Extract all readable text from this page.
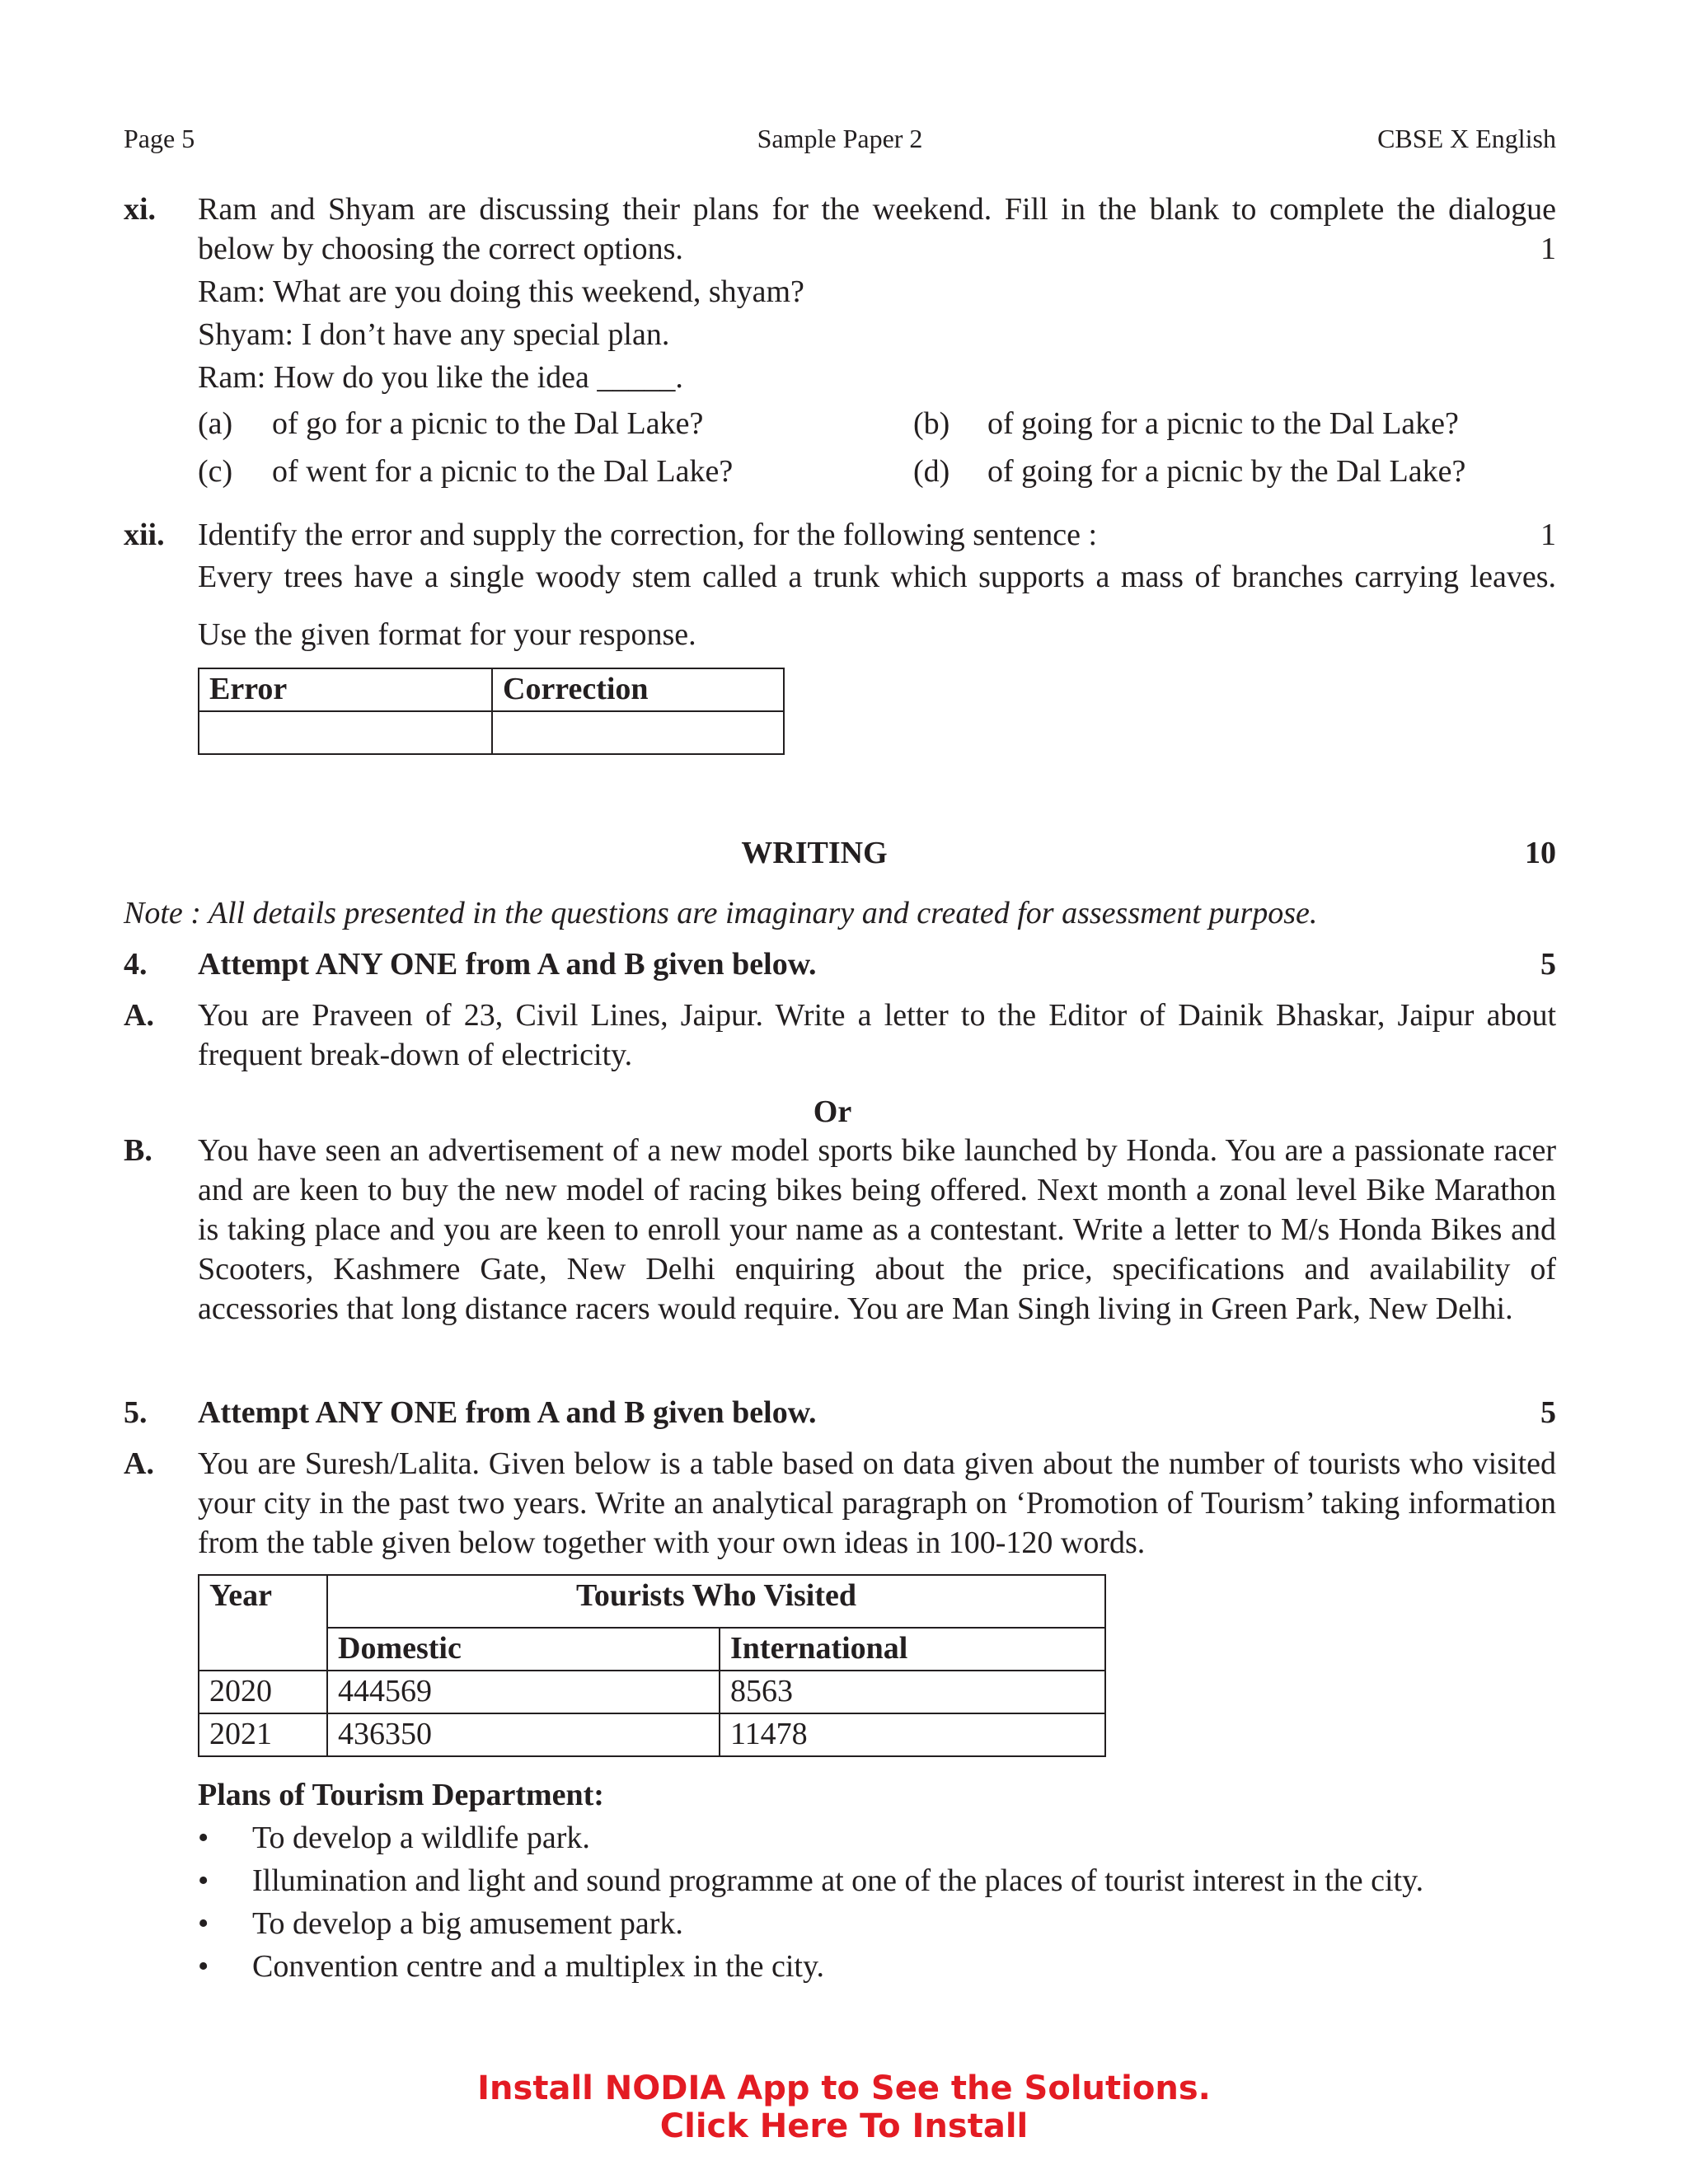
Page 5	Sample Paper 2	CBSE X English
xi. Ram and Shyam are discussing their plans for the weekend. Fill in the blank to complete the dialogue
below by choosing the correct options.	1
Ram: What are you doing this weekend, shyam?
Shyam: I don’t have any special plan.
Ram: How do you like the idea _____.
(a) of go for a picnic to the Dal Lake?	(b) of going for a picnic to the Dal Lake?
(c) of went for a picnic to the Dal Lake?	(d) of going for a picnic by the Dal Lake?
xii. Identify the error and supply the correction, for the following sentence :	1
Every trees have a single woody stem called a trunk which supports a mass of branches carrying leaves.
Use the given format for your response.
Error	Correction

WRITING	10
Note : All details presented in the questions are imaginary and created for assessment purpose.
4. Attempt ANY ONE from A and B given below.	5
A. You are Praveen of 23, Civil Lines, Jaipur. Write a letter to the Editor of Dainik Bhaskar, Jaipur about frequent break-down of electricity.
Or
B. You have seen an advertisement of a new model sports bike launched by Honda. You are a passionate racer and are keen to buy the new model of racing bikes being offered. Next month a zonal level Bike Marathon is taking place and you are keen to enroll your name as a contestant. Write a letter to M/s Honda Bikes and Scooters, Kashmere Gate, New Delhi enquiring about the price, specifications and availability of accessories that long distance racers would require. You are Man Singh living in Green Park, New Delhi.
5. Attempt ANY ONE from A and B given below.	5
A. You are Suresh/Lalita. Given below is a table based on data given about the number of tourists who visited your city in the past two years. Write an analytical paragraph on ‘Promotion of Tourism’ taking information from the table given below together with your own ideas in 100-120 words.
Year	Tourists Who Visited	
	Domestic	International
2020	444569	8563
2021	436350	11478
Plans of Tourism Department:
• To develop a wildlife park.
• Illumination and light and sound programme at one of the places of tourist interest in the city.
• To develop a big amusement park.
• Convention centre and a multiplex in the city.
Install NODIA App to See the Solutions.
Click Here To Install
